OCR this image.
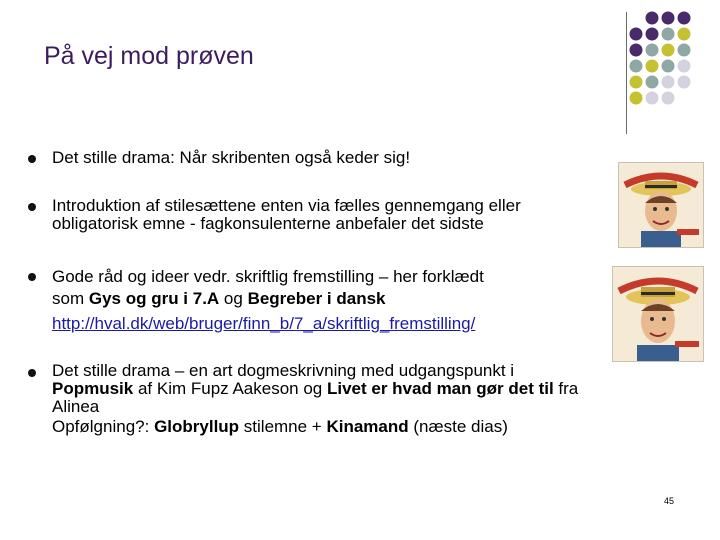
På vej mod prøven
Det stille drama: Når skribenten også keder sig!
Introduktion af stilesættene enten via fælles gennemgang eller
obligatorisk emne - fagkonsulenterne anbefaler det sidste
Gode råd og ideer vedr. skriftlig fremstilling – her forklædt
som Gys og gru i 7.A og Begreber i dansk
http://hval.dk/web/bruger/finn_b/7_a/skriftlig_fremstilling/
Det stille drama – en art dogmeskrivning med udgangspunkt i
Popmusik af Kim Fupz Aakeson og Livet er hvad man gør det til fra
Alinea
Opfølgning?: Globryllup stilemne + Kinamand (næste dias)
45
